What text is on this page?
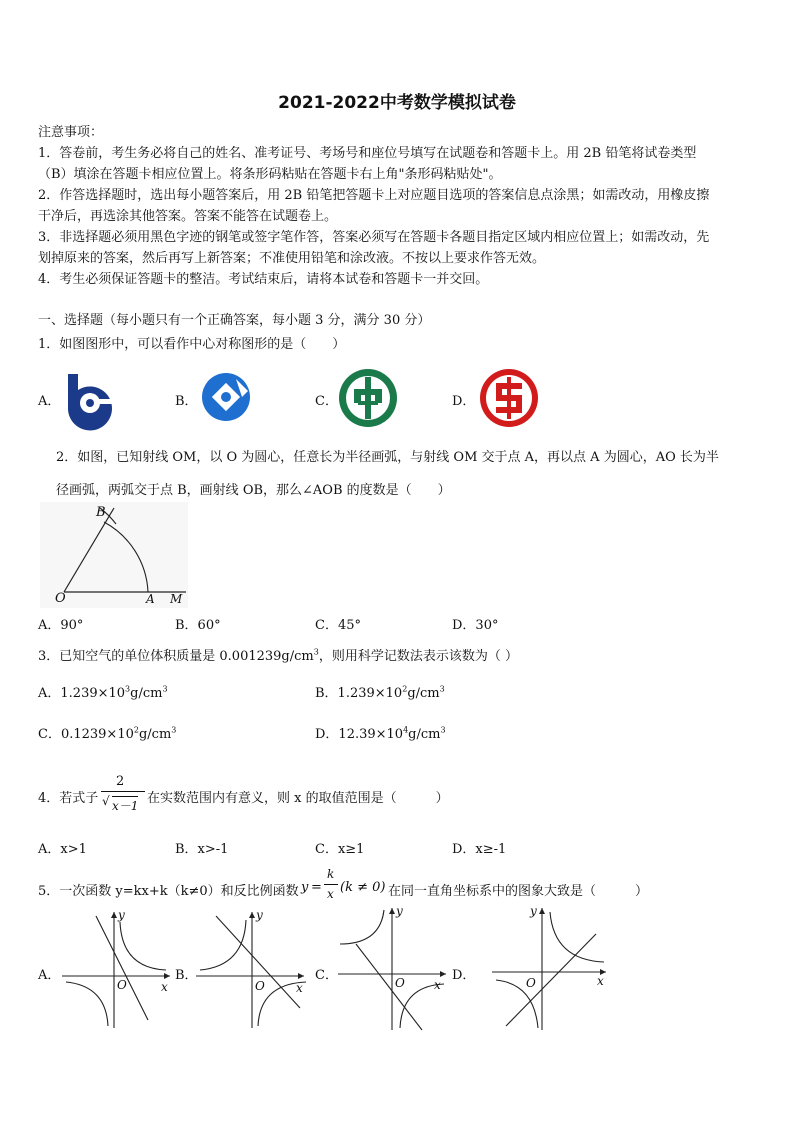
2021-2022中考数学模拟试卷
注意事项：
1．答卷前，考生务必将自己的姓名、准考证号、考场号和座位号填写在试题卷和答题卡上。用 2B 铅笔将试卷类型
（B）填涂在答题卡相应位置上。将条形码粘贴在答题卡右上角"条形码粘贴处"。
2．作答选择题时，选出每小题答案后，用 2B 铅笔把答题卡上对应题目选项的答案信息点涂黑；如需改动，用橡皮擦
干净后，再选涂其他答案。答案不能答在试题卷上。
3．非选择题必须用黑色字迹的钢笔或签字笔作答，答案必须写在答题卡各题目指定区域内相应位置上；如需改动，先
划掉原来的答案，然后再写上新答案；不准使用铅笔和涂改液。不按以上要求作答无效。
4．考生必须保证答题卡的整洁。考试结束后，请将本试卷和答题卡一并交回。
一、选择题（每小题只有一个正确答案，每小题 3 分，满分 30 分）
1．如图图形中，可以看作中心对称图形的是（　　）
A．	B．	C．	D．
2．如图，已知射线 OM，以 O 为圆心，任意长为半径画弧，与射线 OM 交于点 A，再以点 A 为圆心，AO 长为半
径画弧，两弧交于点 B，画射线 OB，那么∠AOB 的度数是（　　）
B
O	A M
A．90°	B．60°	C．45°	D．30°
3．已知空气的单位体积质量是 $0.001239g/cm^3$，则用科学记数法表示该数为（ ）
A．$1.239\times 10^3g/cm^3$	B．$1.239\times 10^2g/cm^3$
C．$0.1239\times 10^2g/cm^3$	D．$12.39\times 10^4g/cm^3$
4．若式子
2
√ x－1 在实数范围内有意义，则 x 的取值范围是（　　　）
A．x>1	B．x>-1	C．x≥1	D．x≥-1
5．一次函数 y=kx+k（k≠0）和反比例函数 y =
k
x (k ≠ 0) 在同一直角坐标系中的图象大致是（　　　）
A．	B．	C．	D．
y
O	x
y
O	x
y
O x
y
O	x
